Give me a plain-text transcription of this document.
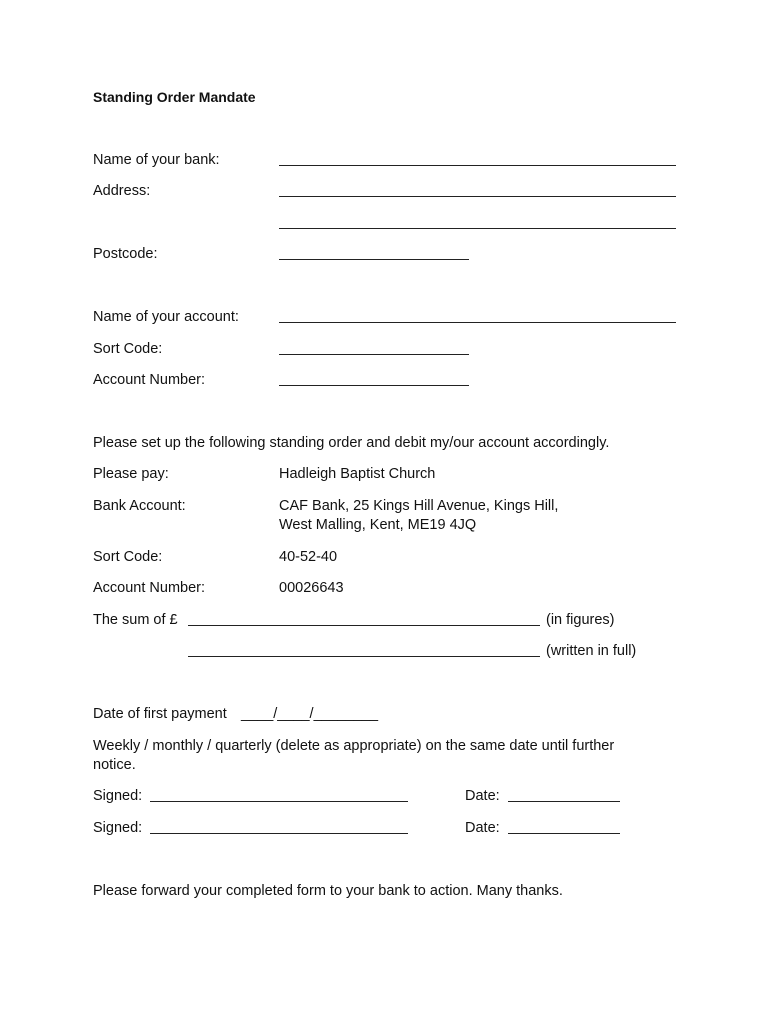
Standing Order Mandate
Name of your bank:
Address:
Postcode:
Name of your account:
Sort Code:
Account Number:
Please set up the following standing order and debit my/our account accordingly.
Please pay:	Hadleigh Baptist Church
Bank Account:	CAF Bank, 25 Kings Hill Avenue, Kings Hill,
West Malling, Kent, ME19 4JQ
Sort Code:	40-52-40
Account Number:	00026643
The sum of £	(in figures)
(written in full)
Date of first payment ____/____/________
Weekly / monthly / quarterly (delete as appropriate) on the same date until further
notice.
Signed:	Date:
Signed:	Date:
Please forward your completed form to your bank to action. Many thanks.
